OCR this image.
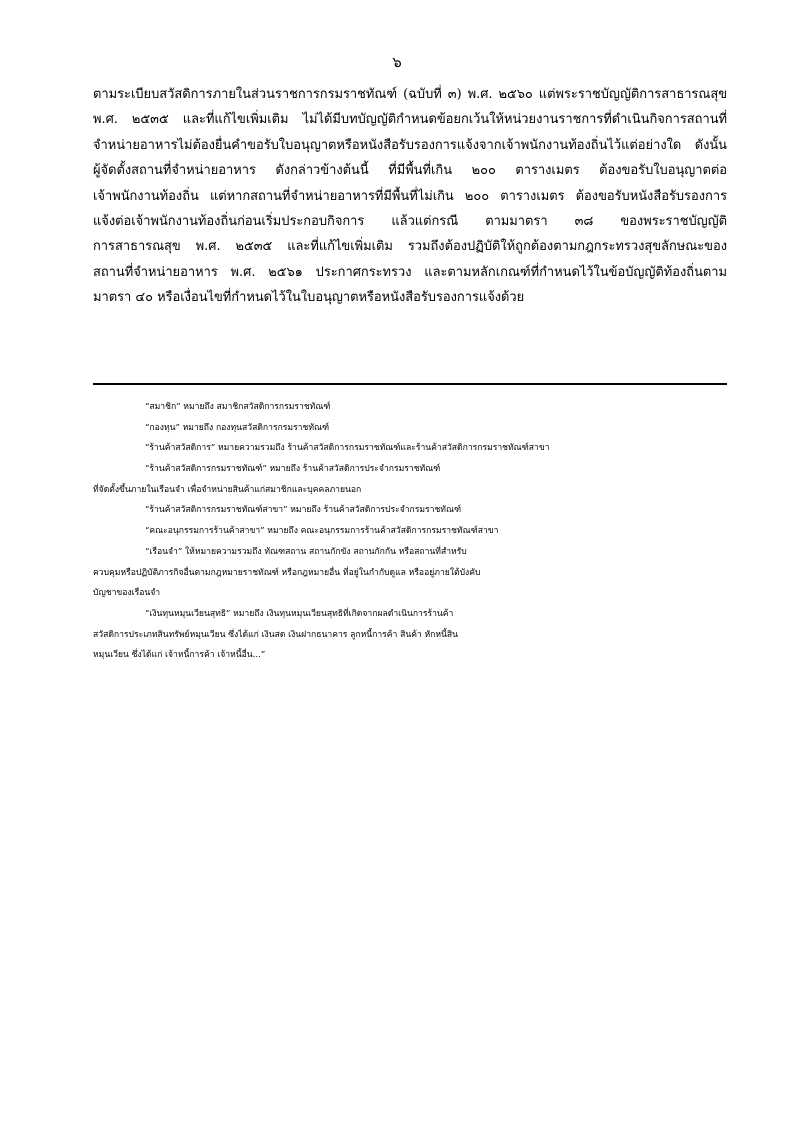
๖
ตามระเบียบสวัสดิการภายในส่วนราชการกรมราชทัณฑ์ (ฉบับที่ ๓) พ.ศ. ๒๕๖๐ แต่พระราชบัญญัติการสาธารณสุข
พ.ศ. ๒๕๓๕ และที่แก้ไขเพิ่มเติม ไม่ได้มีบทบัญญัติกำหนดข้อยกเว้นให้หน่วยงานราชการที่ดำเนินกิจการสถานที่
จำหน่ายอาหารไม่ต้องยื่นคำขอรับใบอนุญาตหรือหนังสือรับรองการแจ้งจากเจ้าพนักงานท้องถิ่นไว้แต่อย่างใด ดังนั้น
ผู้จัดตั้งสถานที่จำหน่ายอาหาร ดังกล่าวข้างต้นนี้ ที่มีพื้นที่เกิน ๒๐๐ ตารางเมตร ต้องขอรับใบอนุญาตต่อ
เจ้าพนักงานท้องถิ่น แต่หากสถานที่จำหน่ายอาหารที่มีพื้นที่ไม่เกิน ๒๐๐ ตารางเมตร ต้องขอรับหนังสือรับรองการ
แจ้งต่อเจ้าพนักงานท้องถิ่นก่อนเริ่มประกอบกิจการ แล้วแต่กรณี ตามมาตรา ๓๘ ของพระราชบัญญัติ
การสาธารณสุข พ.ศ. ๒๕๓๕ และที่แก้ไขเพิ่มเติม รวมถึงต้องปฏิบัติให้ถูกต้องตามกฎกระทรวงสุขลักษณะของ
สถานที่จำหน่ายอาหาร พ.ศ. ๒๕๖๑ ประกาศกระทรวง และตามหลักเกณฑ์ที่กำหนดไว้ในข้อบัญญัติท้องถิ่นตาม
มาตรา ๔๐ หรือเงื่อนไขที่กำหนดไว้ในใบอนุญาตหรือหนังสือรับรองการแจ้งด้วย
“สมาชิก” หมายถึง สมาชิกสวัสดิการกรมราชทัณฑ์
“กองทุน” หมายถึง กองทุนสวัสดิการกรมราชทัณฑ์
“ร้านค้าสวัสดิการ” หมายความรวมถึง ร้านค้าสวัสดิการกรมราชทัณฑ์และร้านค้าสวัสดิการกรมราชทัณฑ์สาขา
“ร้านค้าสวัสดิการกรมราชทัณฑ์” หมายถึง ร้านค้าสวัสดิการประจำกรมราชทัณฑ์
ที่จัดตั้งขึ้นภายในเรือนจำ เพื่อจำหน่ายสินค้าแก่สมาชิกและบุคคลภายนอก
“ร้านค้าสวัสดิการกรมราชทัณฑ์สาขา” หมายถึง ร้านค้าสวัสดิการประจำกรมราชทัณฑ์
“คณะอนุกรรมการร้านค้าสาขา” หมายถึง คณะอนุกรรมการร้านค้าสวัสดิการกรมราชทัณฑ์สาขา
“เรือนจำ” ให้หมายความรวมถึง ทัณฑสถาน สถานกักขัง สถานกักกัน หรือสถานที่สำหรับ
ควบคุมหรือปฏิบัติภารกิจอื่นตามกฎหมายราชทัณฑ์ หรือกฎหมายอื่น ที่อยู่ในกำกับดูแล หรืออยู่ภายใต้บังคับ
บัญชาของเรือนจำ
“เงินทุนหมุนเวียนสุทธิ” หมายถึง เงินทุนหมุนเวียนสุทธิที่เกิดจากผลดำเนินการร้านค้า
สวัสดิการประเภทสินทรัพย์หมุนเวียน ซึ่งได้แก่ เงินสด เงินฝากธนาคาร ลูกหนี้การค้า สินค้า หักหนี้สิน
หมุนเวียน ซึ่งได้แก่ เจ้าหนี้การค้า เจ้าหนี้อื่น...”
